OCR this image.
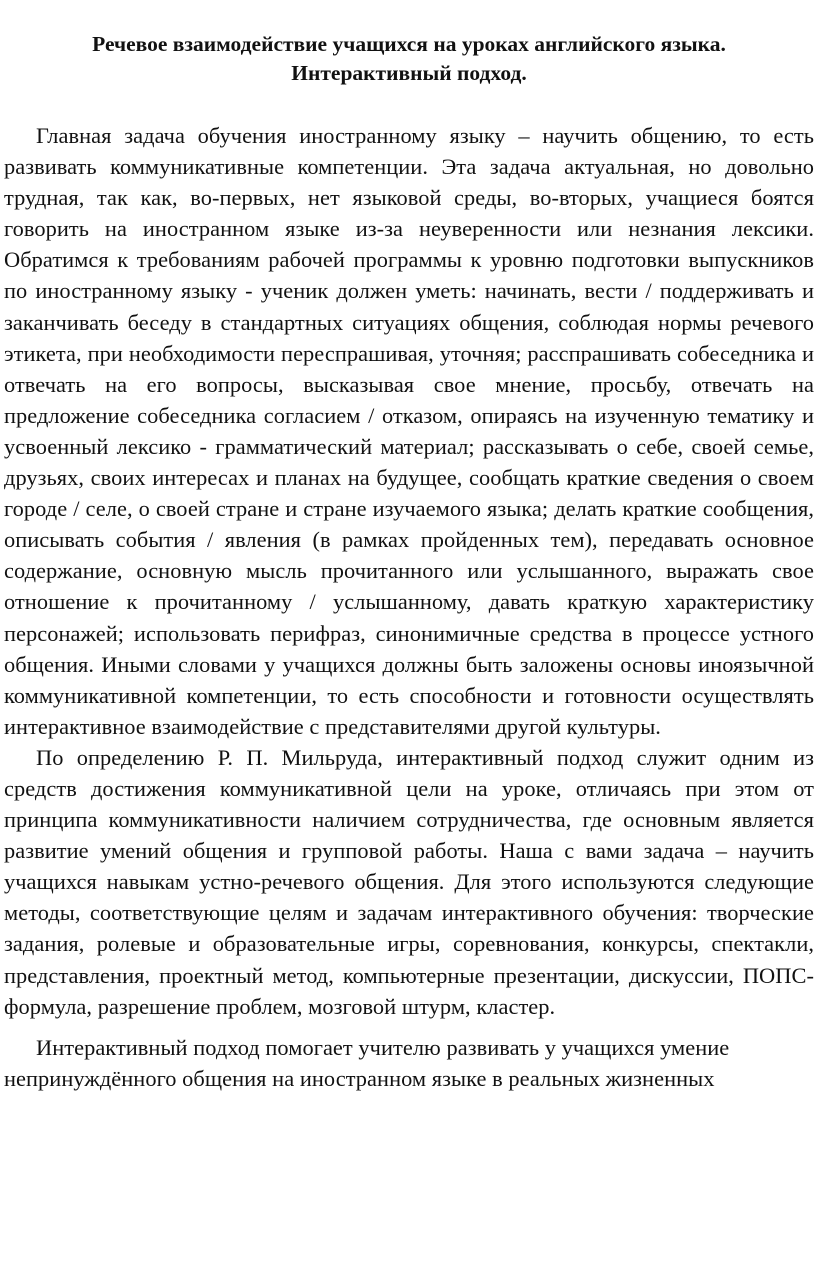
Речевое взаимодействие учащихся на уроках английского языка.
Интерактивный подход.

Главная задача обучения иностранному языку – научить общению, то есть развивать коммуникативные компетенции. Эта задача актуальная, но довольно трудная, так как, во-первых, нет языковой среды, во-вторых, учащиеся боятся говорить на иностранном языке из-за неуверенности или незнания лексики. Обратимся к требованиям рабочей программы к уровню подготовки выпускников по иностранному языку - ученик должен уметь: начинать, вести / поддерживать и заканчивать беседу в стандартных ситуациях общения, соблюдая нормы речевого этикета, при необходимости переспрашивая, уточняя; расспрашивать собеседника и отвечать на его вопросы, высказывая свое мнение, просьбу, отвечать на предложение собеседника согласием / отказом, опираясь на изученную тематику и усвоенный лексико - грамматический материал; рассказывать о себе, своей семье, друзьях, своих интересах и планах на будущее, сообщать краткие сведения о своем городе / селе, о своей стране и стране изучаемого языка; делать краткие сообщения, описывать события / явления (в рамках пройденных тем), передавать основное содержание, основную мысль прочитанного или услышанного, выражать свое отношение к прочитанному / услышанному, давать краткую характеристику персонажей; использовать перифраз, синонимичные средства в процессе устного общения. Иными словами у учащихся должны быть заложены основы иноязычной коммуникативной компетенции, то есть способности и готовности осуществлять интерактивное взаимодействие с представителями другой культуры.

По определению Р. П. Мильруда, интерактивный подход служит одним из средств достижения коммуникативной цели на уроке, отличаясь при этом от принципа коммуникативности наличием сотрудничества, где основным является развитие умений общения и групповой работы. Наша с вами задача – научить учащихся навыкам устно-речевого общения. Для этого используются следующие методы, соответствующие целям и задачам интерактивного обучения: творческие задания, ролевые и образовательные игры, соревнования, конкурсы, спектакли, представления, проектный метод, компьютерные презентации, дискуссии, ПОПС-формула, разрешение проблем, мозговой штурм, кластер.

Интерактивный подход помогает учителю развивать у учащихся умение непринуждённого общения на иностранном языке в реальных жизненных
